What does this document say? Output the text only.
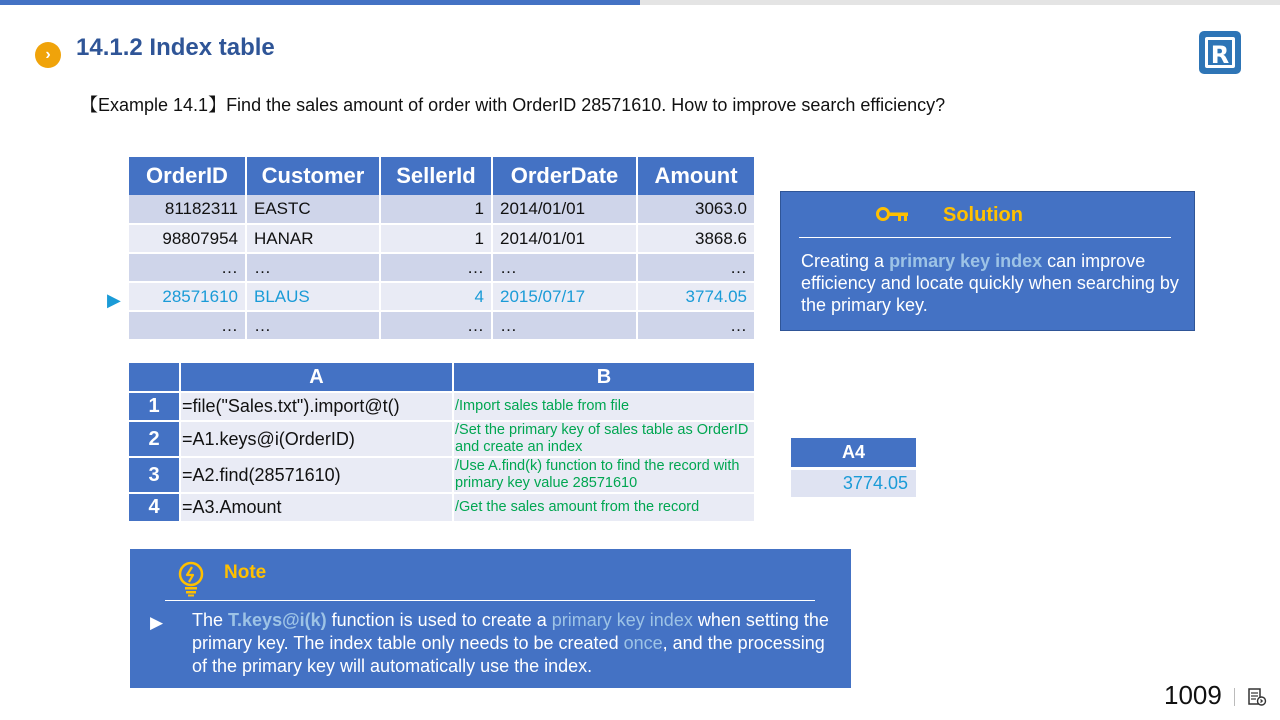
›	14.1.2 Index table	R
【Example 14.1】Find the sales amount of order with OrderID 28571610. How to improve search efficiency?
▶
OrderID	Customer	SellerId	OrderDate	Amount
81182311	EASTC	1	2014/01/01	3063.0
98807954	HANAR	1	2014/01/01	3868.6
…	…	…	…	…
28571610	BLAUS	4	2015/07/17	3774.05
…	…	…	…	…
Solution
Creating a primary key index can improve efficiency and locate quickly when searching by the primary key.
	A	B
1	=file("Sales.txt").import@t()	/Import sales table from file
2	=A1.keys@i(OrderID)	/Set the primary key of sales table as OrderID and create an index
3	=A2.find(28571610)	/Use A.find(k) function to find the record with primary key value 28571610
4	=A3.Amount	/Get the sales amount from the record
A4
3774.05
Note
▶ The T.keys@i(k) function is used to create a primary key index when setting the primary key. The index table only needs to be created once, and the processing of the primary key will automatically use the index.
1009
